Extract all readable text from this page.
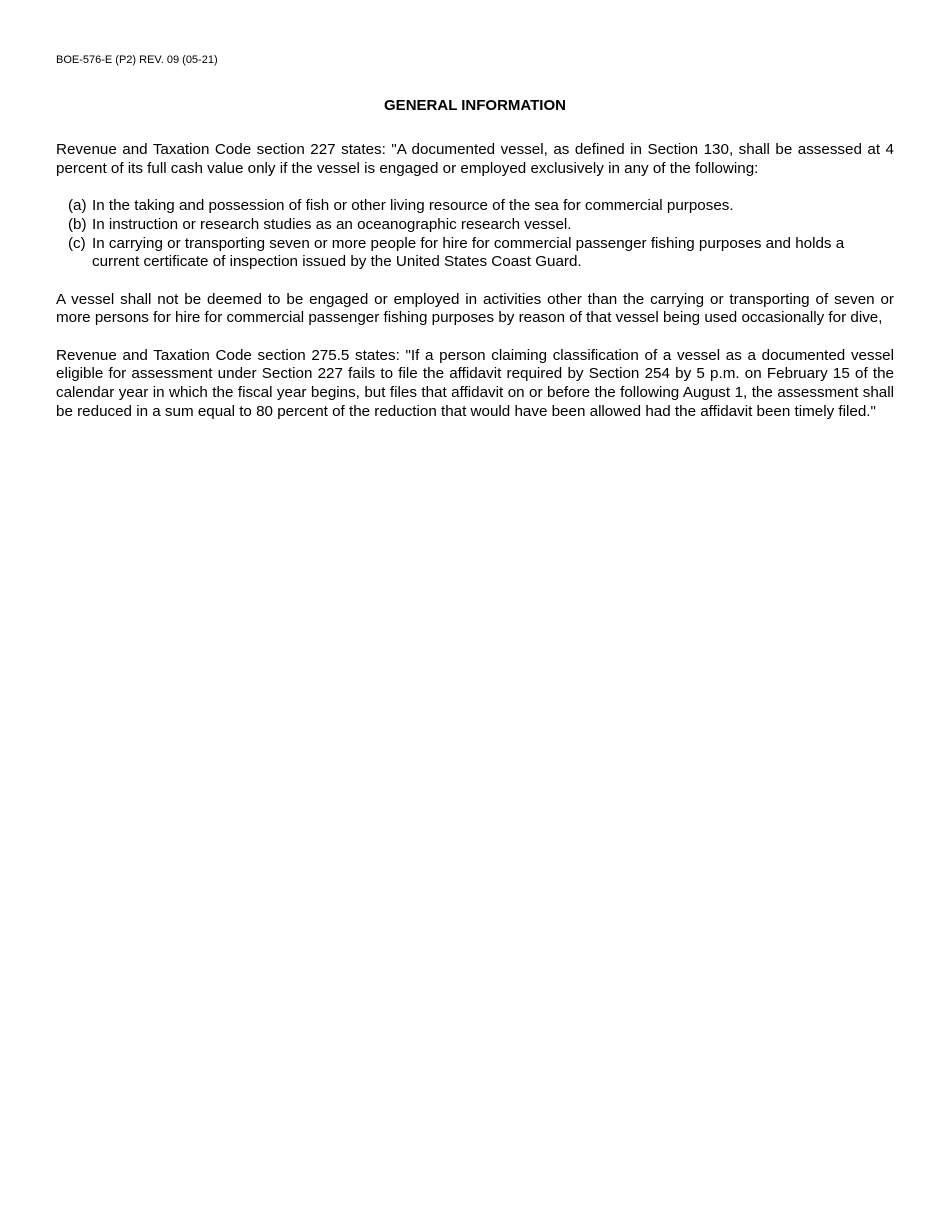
BOE-576-E (P2) REV. 09 (05-21)
GENERAL INFORMATION

Revenue and Taxation Code section 227 states: "A documented vessel, as defined in Section 130, shall be assessed at 4 percent of its full cash value only if the vessel is engaged or employed exclusively in any of the following:

(a) In the taking and possession of fish or other living resource of the sea for commercial purposes.
(b) In instruction or research studies as an oceanographic research vessel.
(c) In carrying or transporting seven or more people for hire for commercial passenger fishing purposes and holds a current certificate of inspection issued by the United States Coast Guard.

A vessel shall not be deemed to be engaged or employed in activities other than the carrying or transporting of seven or more persons for hire for commercial passenger fishing purposes by reason of that vessel being used occasionally for dive,

Revenue and Taxation Code section 275.5 states: "If a person claiming classification of a vessel as a documented vessel eligible for assessment under Section 227 fails to file the affidavit required by Section 254 by 5 p.m. on February 15 of the calendar year in which the fiscal year begins, but files that affidavit on or before the following August 1, the assessment shall be reduced in a sum equal to 80 percent of the reduction that would have been allowed had the affidavit been timely filed."
